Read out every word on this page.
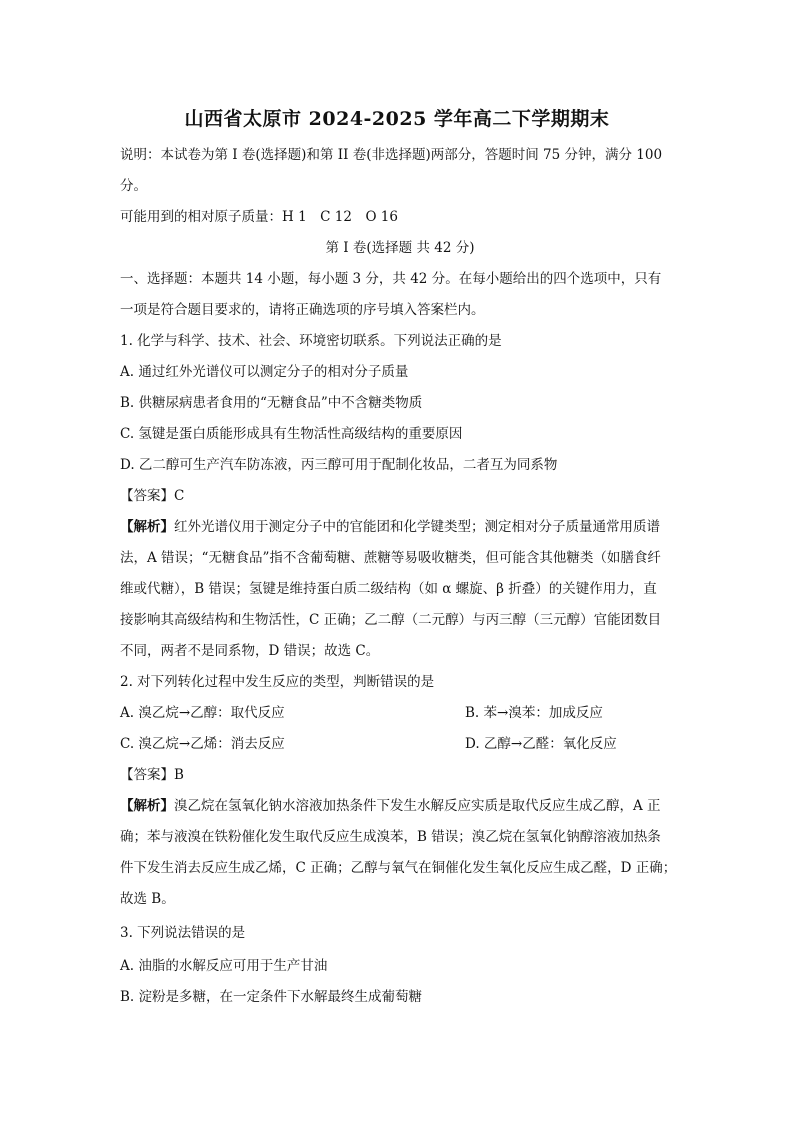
山西省太原市 2024-2025 学年高二下学期期末
说明：本试卷为第 I 卷(选择题)和第 II 卷(非选择题)两部分，答题时间 75 分钟，满分 100
分。
可能用到的相对原子质量：H 1　C 12　O 16
第 I 卷(选择题 共 42 分)
一、选择题：本题共 14 小题，每小题 3 分，共 42 分。在每小题给出的四个选项中，只有
一项是符合题目要求的，请将正确选项的序号填入答案栏内。
1. 化学与科学、技术、社会、环境密切联系。下列说法正确的是
A. 通过红外光谱仪可以测定分子的相对分子质量
B. 供糖尿病患者食用的“无糖食品”中不含糖类物质
C. 氢键是蛋白质能形成具有生物活性高级结构的重要原因
D. 乙二醇可生产汽车防冻液，丙三醇可用于配制化妆品，二者互为同系物
【答案】C
【解析】红外光谱仪用于测定分子中的官能团和化学键类型；测定相对分子质量通常用质谱
法，A 错误；“无糖食品”指不含葡萄糖、蔗糖等易吸收糖类，但可能含其他糖类（如膳食纤
维或代糖），B 错误；氢键是维持蛋白质二级结构（如 α 螺旋、β 折叠）的关键作用力，直
接影响其高级结构和生物活性，C 正确；乙二醇（二元醇）与丙三醇（三元醇）官能团数目
不同，两者不是同系物，D 错误；故选 C。
2. 对下列转化过程中发生反应的类型，判断错误的是
A. 溴乙烷→乙醇：取代反应	B. 苯→溴苯：加成反应
C. 溴乙烷→乙烯：消去反应	D. 乙醇→乙醛：氧化反应
【答案】B
【解析】溴乙烷在氢氧化钠水溶液加热条件下发生水解反应实质是取代反应生成乙醇，A 正
确；苯与液溴在铁粉催化发生取代反应生成溴苯，B 错误；溴乙烷在氢氧化钠醇溶液加热条
件下发生消去反应生成乙烯，C 正确；乙醇与氧气在铜催化发生氧化反应生成乙醛，D 正确；
故选 B。
3. 下列说法错误的是
A. 油脂的水解反应可用于生产甘油
B. 淀粉是多糖，在一定条件下水解最终生成葡萄糖
